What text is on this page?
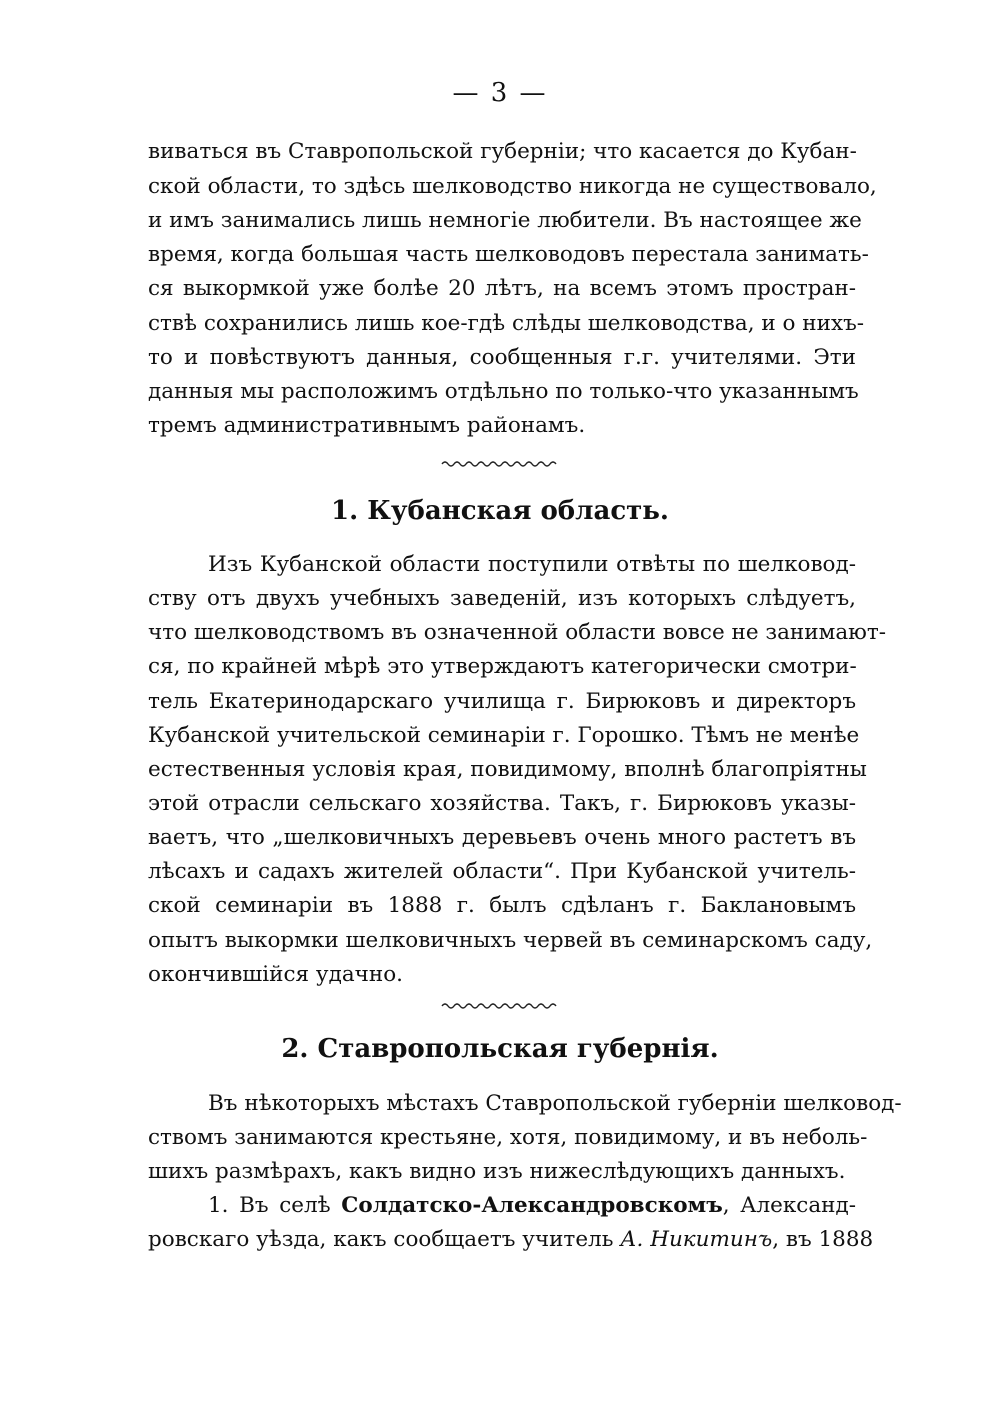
— 3 —
виваться въ Ставропольской губерніи; что касается до Кубан-
ской области, то здѣсь шелководство никогда не существовало,
и имъ занимались лишь немногіе любители. Въ настоящее же
время, когда большая часть шелководовъ перестала занимать-
ся выкормкой уже болѣе 20 лѣтъ, на всемъ этомъ простран-
ствѣ сохранились лишь кое-гдѣ слѣды шелководства, и о нихъ-
то и повѣствуютъ данныя, сообщенныя г.г. учителями. Эти
данныя мы расположимъ отдѣльно по только-что указаннымъ
тремъ административнымъ районамъ.
1. Кубанская область.
Изъ Кубанской области поступили отвѣты по шелковод-
ству отъ двухъ учебныхъ заведеній, изъ которыхъ слѣдуетъ,
что шелководствомъ въ означенной области вовсе не занимают-
ся, по крайней мѣрѣ это утверждаютъ категорически смотри-
тель Екатеринодарскаго училища г. Бирюковъ и директоръ
Кубанской учительской семинаріи г. Горошко. Тѣмъ не менѣе
естественныя условія края, повидимому, вполнѣ благопріятны
этой отрасли сельскаго хозяйства. Такъ, г. Бирюковъ указы-
ваетъ, что „шелковичныхъ деревьевъ очень много растетъ въ
лѣсахъ и садахъ жителей области“. При Кубанской учитель-
ской семинаріи въ 1888 г. былъ сдѣланъ г. Баклановымъ
опытъ выкормки шелковичныхъ червей въ семинарскомъ саду,
окончившійся удачно.
2. Ставропольская губернія.
Въ нѣкоторыхъ мѣстахъ Ставропольской губерніи шелковод-
ствомъ занимаются крестьяне, хотя, повидимому, и въ неболь-
шихъ размѣрахъ, какъ видно изъ нижеслѣдующихъ данныхъ.
1. Въ селѣ Солдатско-Александровскомъ, Александ-
ровскаго уѣзда, какъ сообщаетъ учитель А. Никитинъ, въ 1888
